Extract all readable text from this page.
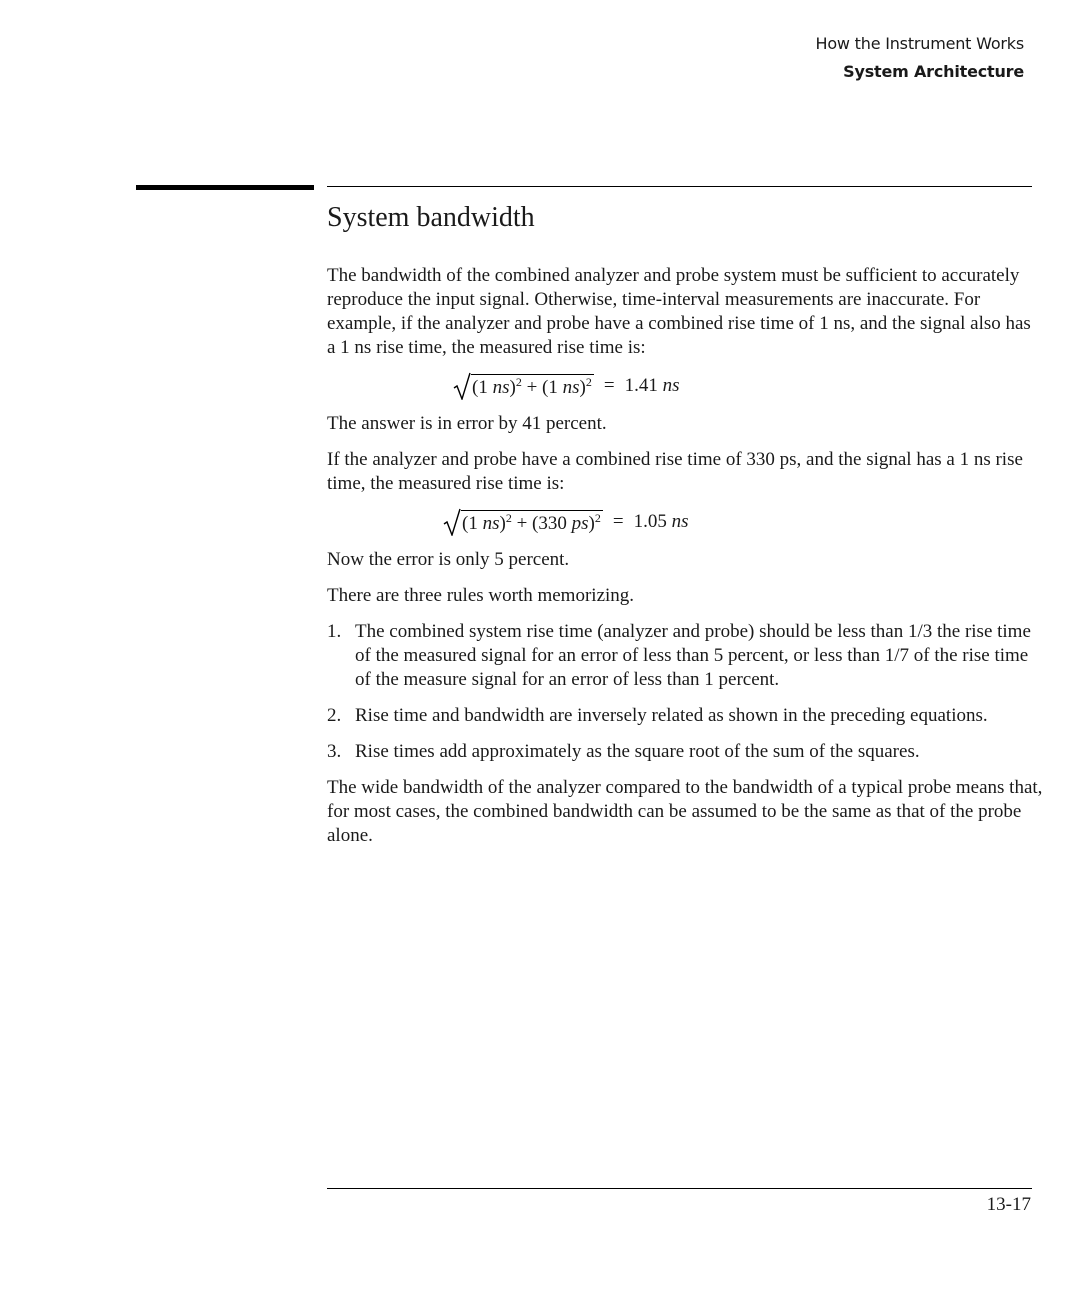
How the Instrument Works
System Architecture
System bandwidth

The bandwidth of the combined analyzer and probe system must be sufficient to accurately reproduce the input signal. Otherwise, time-interval measurements are inaccurate. For example, if the analyzer and probe have a combined rise time of 1 ns, and the signal also has a 1 ns rise time, the measured rise time is:

(1 ns)$^2$ + (1 ns)$^2$ = 1.41 ns

The answer is in error by 41 percent.

If the analyzer and probe have a combined rise time of 330 ps, and the signal has a 1 ns rise time, the measured rise time is:

(1 ns)$^2$ + (330 ps)$^2$ = 1.05 ns

Now the error is only 5 percent.

There are three rules worth memorizing.

1. The combined system rise time (analyzer and probe) should be less than 1/3 the rise time of the measured signal for an error of less than 5 percent, or less than 1/7 of the rise time of the measure signal for an error of less than 1 percent.
2. Rise time and bandwidth are inversely related as shown in the preceding equations.
3. Rise times add approximately as the square root of the sum of the squares.

The wide bandwidth of the analyzer compared to the bandwidth of a typical probe means that, for most cases, the combined bandwidth can be assumed to be the same as that of the probe alone.

13-17
